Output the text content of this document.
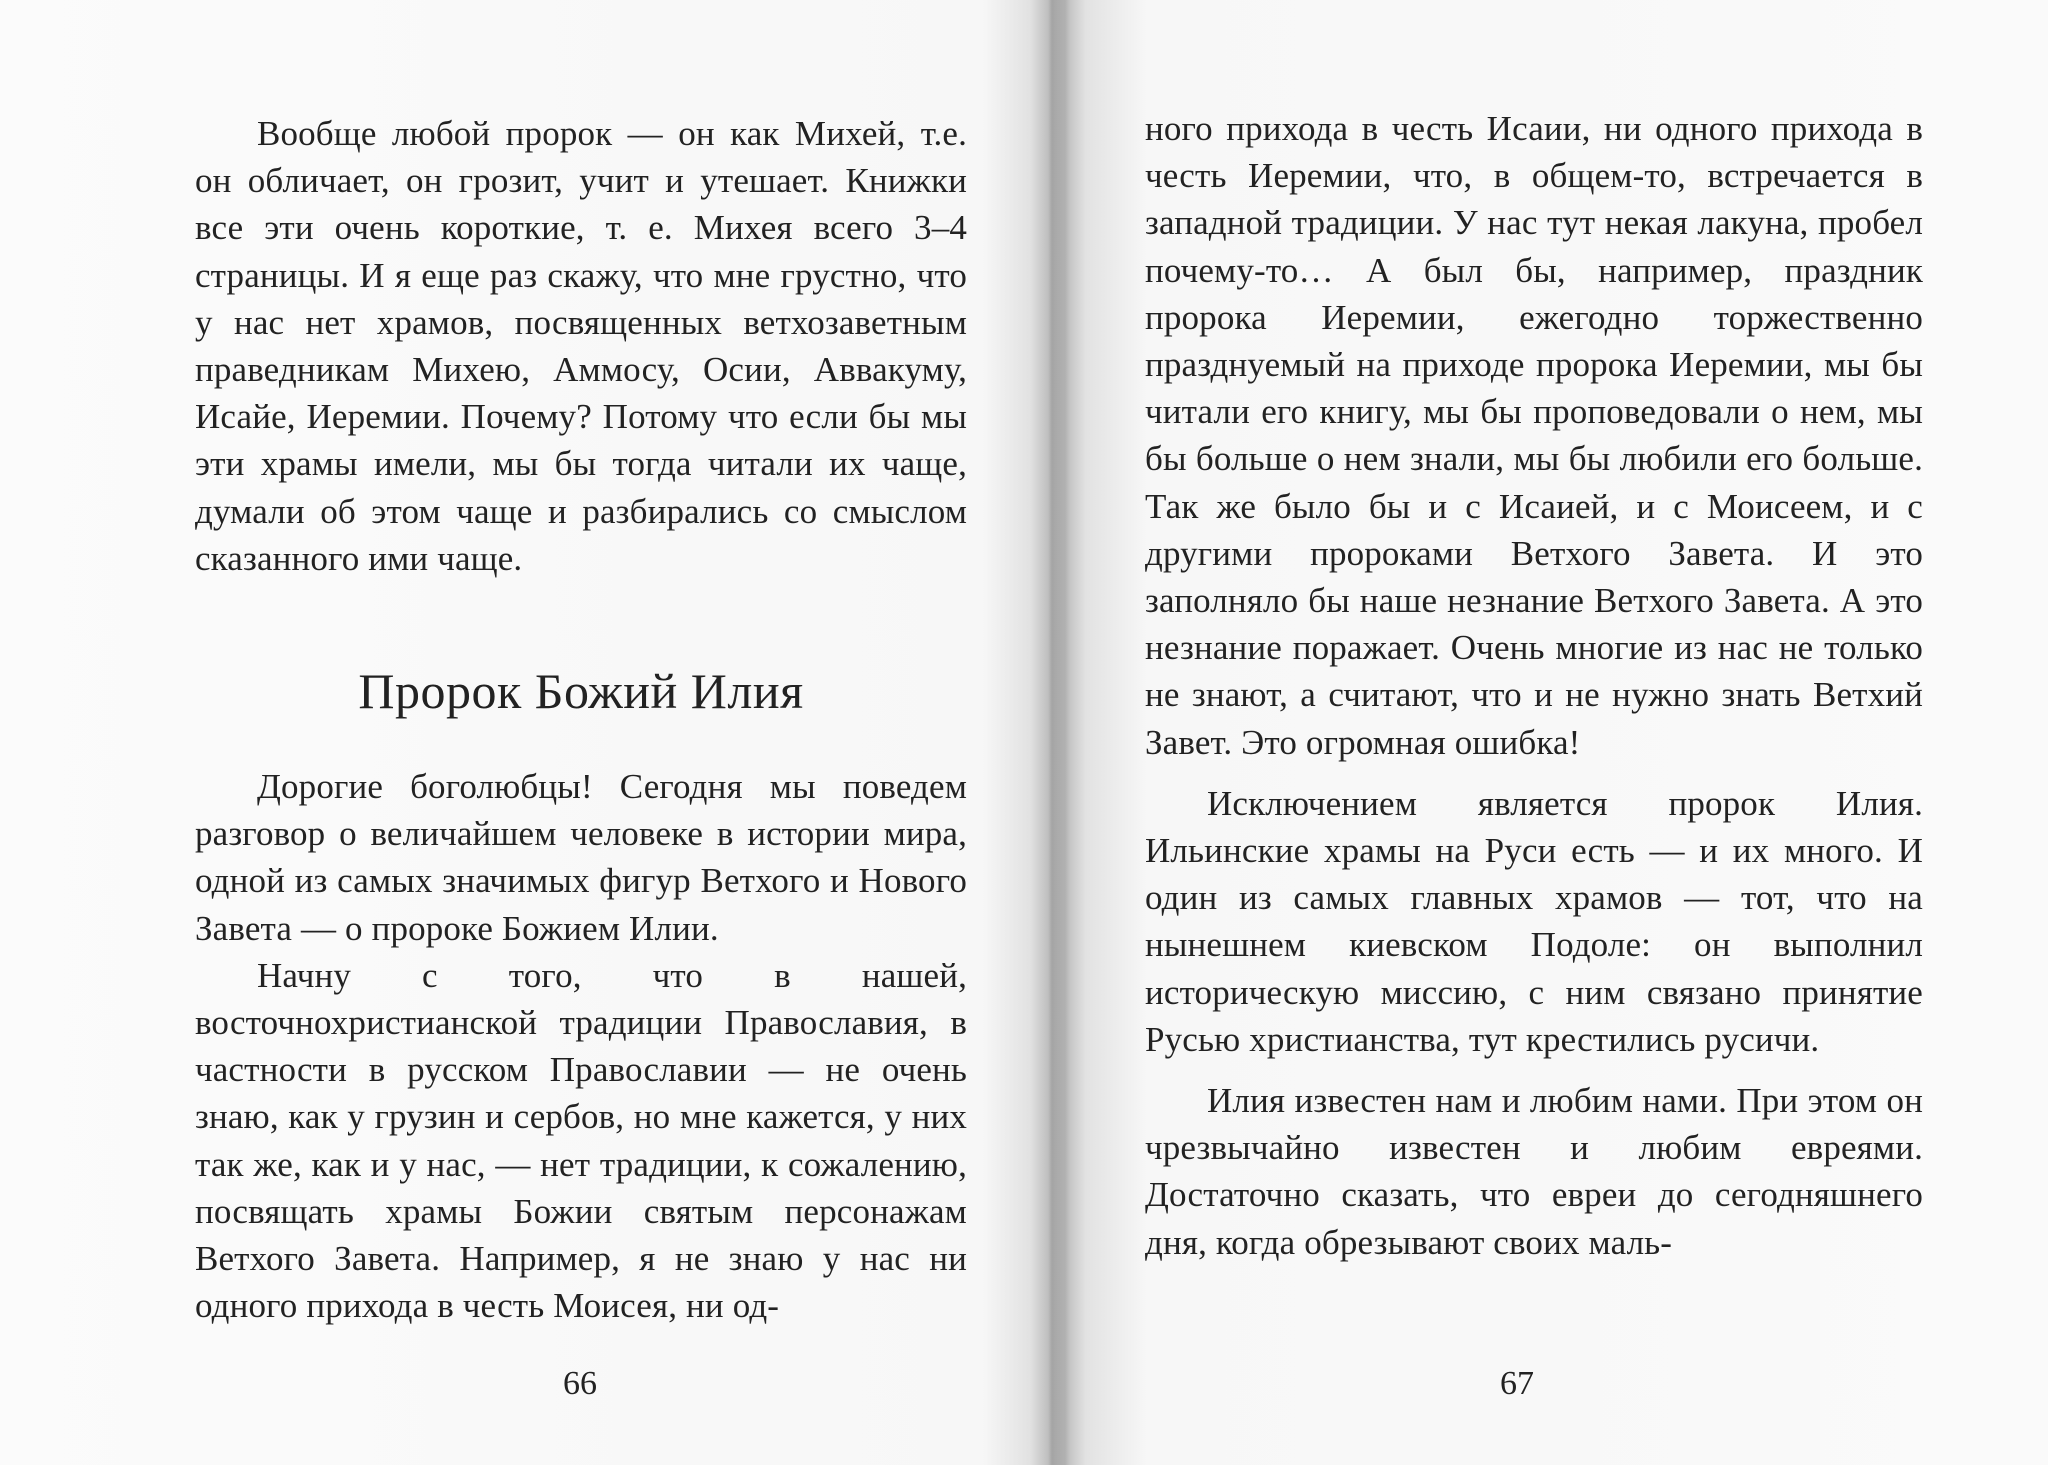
Вообще любой пророк — он как Михей, т.е. он обличает, он грозит, учит и утешает. Книжки все эти очень короткие, т. е. Михея всего 3–4 страницы. И я еще раз скажу, что мне грустно, что у нас нет храмов, посвященных ветхозаветным праведникам Михею, Аммосу, Осии, Аввакуму, Исайе, Иеремии. Почему? Потому что если бы мы эти храмы имели, мы бы тогда читали их чаще, думали об этом чаще и разбирались со смыслом сказанного ими чаще.

Пророк Божий Илия

Дорогие боголюбцы! Сегодня мы поведем разговор о величайшем человеке в истории мира, одной из самых значимых фигур Ветхого и Нового Завета — о пророке Божием Илии.

Начну с того, что в нашей, восточнохристианской традиции Православия, в частности в русском Православии — не очень знаю, как у грузин и сербов, но мне кажется, у них так же, как и у нас, — нет традиции, к сожалению, посвящать храмы Божии святым персонажам Ветхого Завета. Например, я не знаю у нас ни одного прихода в честь Моисея, ни од-

66

ного прихода в честь Исаии, ни одного прихода в честь Иеремии, что, в общем-то, встречается в западной традиции. У нас тут некая лакуна, пробел почему-то… А был бы, например, праздник пророка Иеремии, ежегодно торжественно празднуемый на приходе пророка Иеремии, мы бы читали его книгу, мы бы проповедовали о нем, мы бы больше о нем знали, мы бы любили его больше. Так же было бы и с Исаией, и с Моисеем, и с другими пророками Ветхого Завета. И это заполняло бы наше незнание Ветхого Завета. А это незнание поражает. Очень многие из нас не только не знают, а считают, что и не нужно знать Ветхий Завет. Это огромная ошибка!

Исключением является пророк Илия. Ильинские храмы на Руси есть — и их много. И один из самых главных храмов — тот, что на нынешнем киевском Подоле: он выполнил историческую миссию, с ним связано принятие Русью христианства, тут крестились русичи.

Илия известен нам и любим нами. При этом он чрезвычайно известен и любим евреями. Достаточно сказать, что евреи до сегодняшнего дня, когда обрезывают своих маль-

67
